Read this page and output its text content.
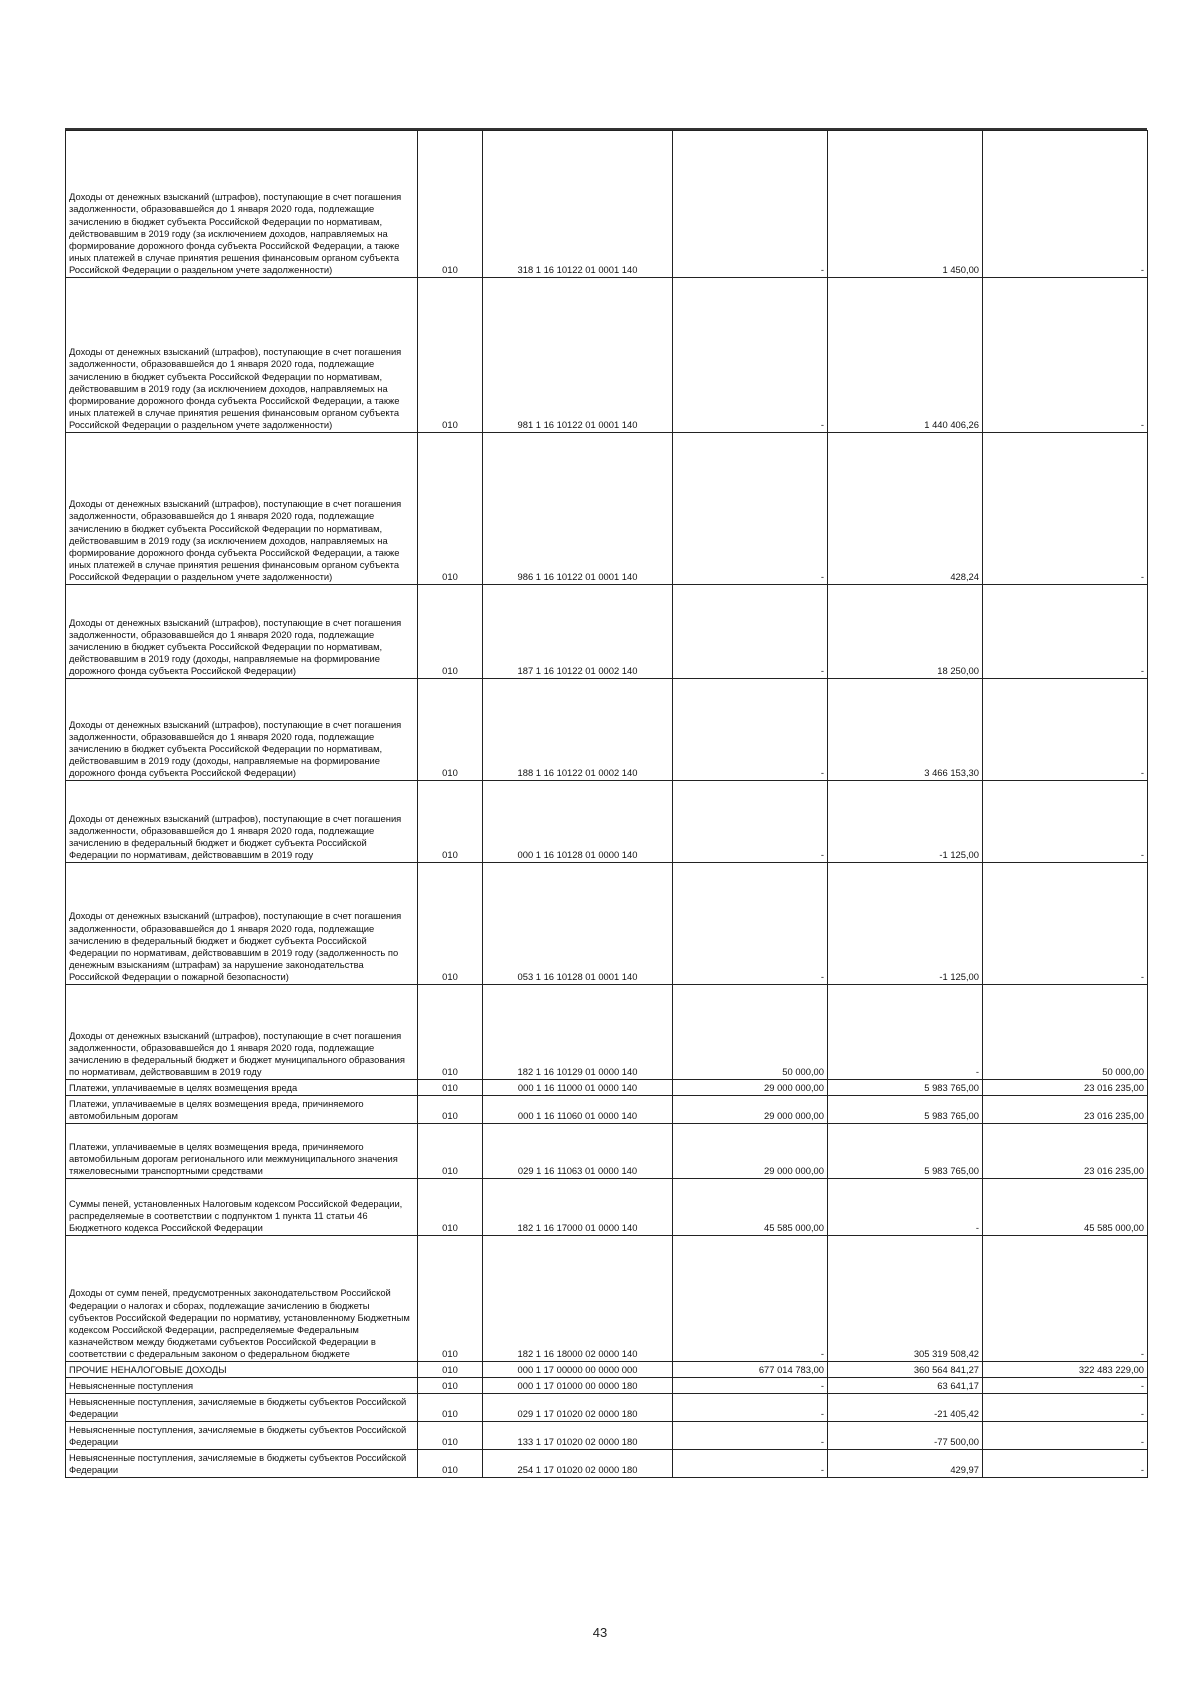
Доходы от денежных взысканий (штрафов), поступающие в счет погашения задолженности, образовавшейся до 1 января 2020 года, подлежащие зачислению в бюджет субъекта Российской Федерации по нормативам, действовавшим в 2019 году (за исключением доходов, направляемых на формирование дорожного фонда субъекта Российской Федерации, а также иных платежей в случае принятия решения финансовым органом субъекта Российской Федерации о раздельном учете задолженности)	010	318 1 16 10122 01 0001 140	-	1 450,00	-
Доходы от денежных взысканий (штрафов), поступающие в счет погашения задолженности, образовавшейся до 1 января 2020 года, подлежащие зачислению в бюджет субъекта Российской Федерации по нормативам, действовавшим в 2019 году (за исключением доходов, направляемых на формирование дорожного фонда субъекта Российской Федерации, а также иных платежей в случае принятия решения финансовым органом субъекта Российской Федерации о раздельном учете задолженности)	010	981 1 16 10122 01 0001 140	-	1 440 406,26	-
Доходы от денежных взысканий (штрафов), поступающие в счет погашения задолженности, образовавшейся до 1 января 2020 года, подлежащие зачислению в бюджет субъекта Российской Федерации по нормативам, действовавшим в 2019 году (за исключением доходов, направляемых на формирование дорожного фонда субъекта Российской Федерации, а также иных платежей в случае принятия решения финансовым органом субъекта Российской Федерации о раздельном учете задолженности)	010	986 1 16 10122 01 0001 140	-	428,24	-
Доходы от денежных взысканий (штрафов), поступающие в счет погашения задолженности, образовавшейся до 1 января 2020 года, подлежащие зачислению в бюджет субъекта Российской Федерации по нормативам, действовавшим в 2019 году (доходы, направляемые на формирование дорожного фонда субъекта Российской Федерации)	010	187 1 16 10122 01 0002 140	-	18 250,00	-
Доходы от денежных взысканий (штрафов), поступающие в счет погашения задолженности, образовавшейся до 1 января 2020 года, подлежащие зачислению в бюджет субъекта Российской Федерации по нормативам, действовавшим в 2019 году (доходы, направляемые на формирование дорожного фонда субъекта Российской Федерации)	010	188 1 16 10122 01 0002 140	-	3 466 153,30	-
Доходы от денежных взысканий (штрафов), поступающие в счет погашения задолженности, образовавшейся до 1 января 2020 года, подлежащие зачислению в федеральный бюджет и бюджет субъекта Российской Федерации по нормативам, действовавшим в 2019 году	010	000 1 16 10128 01 0000 140	-	-1 125,00	-
Доходы от денежных взысканий (штрафов), поступающие в счет погашения задолженности, образовавшейся до 1 января 2020 года, подлежащие зачислению в федеральный бюджет и бюджет субъекта Российской Федерации по нормативам, действовавшим в 2019 году (задолженность по денежным взысканиям (штрафам) за нарушение законодательства Российской Федерации о пожарной безопасности)	010	053 1 16 10128 01 0001 140	-	-1 125,00	-
Доходы от денежных взысканий (штрафов), поступающие в счет погашения задолженности, образовавшейся до 1 января 2020 года, подлежащие зачислению в федеральный бюджет и бюджет муниципального образования по нормативам, действовавшим в 2019 году	010	182 1 16 10129 01 0000 140	50 000,00	-	50 000,00
Платежи, уплачиваемые в целях возмещения вреда	010	000 1 16 11000 01 0000 140	29 000 000,00	5 983 765,00	23 016 235,00
Платежи, уплачиваемые в целях возмещения вреда, причиняемого автомобильным дорогам	010	000 1 16 11060 01 0000 140	29 000 000,00	5 983 765,00	23 016 235,00
Платежи, уплачиваемые в целях возмещения вреда, причиняемого автомобильным дорогам регионального или межмуниципального значения тяжеловесными транспортными средствами	010	029 1 16 11063 01 0000 140	29 000 000,00	5 983 765,00	23 016 235,00
Суммы пеней, установленных Налоговым кодексом Российской Федерации, распределяемые в соответствии с подпунктом 1 пункта 11 статьи 46 Бюджетного кодекса Российской Федерации	010	182 1 16 17000 01 0000 140	45 585 000,00	-	45 585 000,00
Доходы от сумм пеней, предусмотренных законодательством Российской Федерации о налогах и сборах, подлежащие зачислению в бюджеты субъектов Российской Федерации по нормативу, установленному Бюджетным кодексом Российской Федерации, распределяемые Федеральным казначейством между бюджетами субъектов Российской Федерации в соответствии с федеральным законом о федеральном бюджете	010	182 1 16 18000 02 0000 140	-	305 319 508,42	-
ПРОЧИЕ НЕНАЛОГОВЫЕ ДОХОДЫ	010	000 1 17 00000 00 0000 000	677 014 783,00	360 564 841,27	322 483 229,00
Невыясненные поступления	010	000 1 17 01000 00 0000 180	-	63 641,17	-
Невыясненные поступления, зачисляемые в бюджеты субъектов Российской Федерации	010	029 1 17 01020 02 0000 180	-	-21 405,42	-
Невыясненные поступления, зачисляемые в бюджеты субъектов Российской Федерации	010	133 1 17 01020 02 0000 180	-	-77 500,00	-
Невыясненные поступления, зачисляемые в бюджеты субъектов Российской Федерации	010	254 1 17 01020 02 0000 180	-	429,97	-
43
